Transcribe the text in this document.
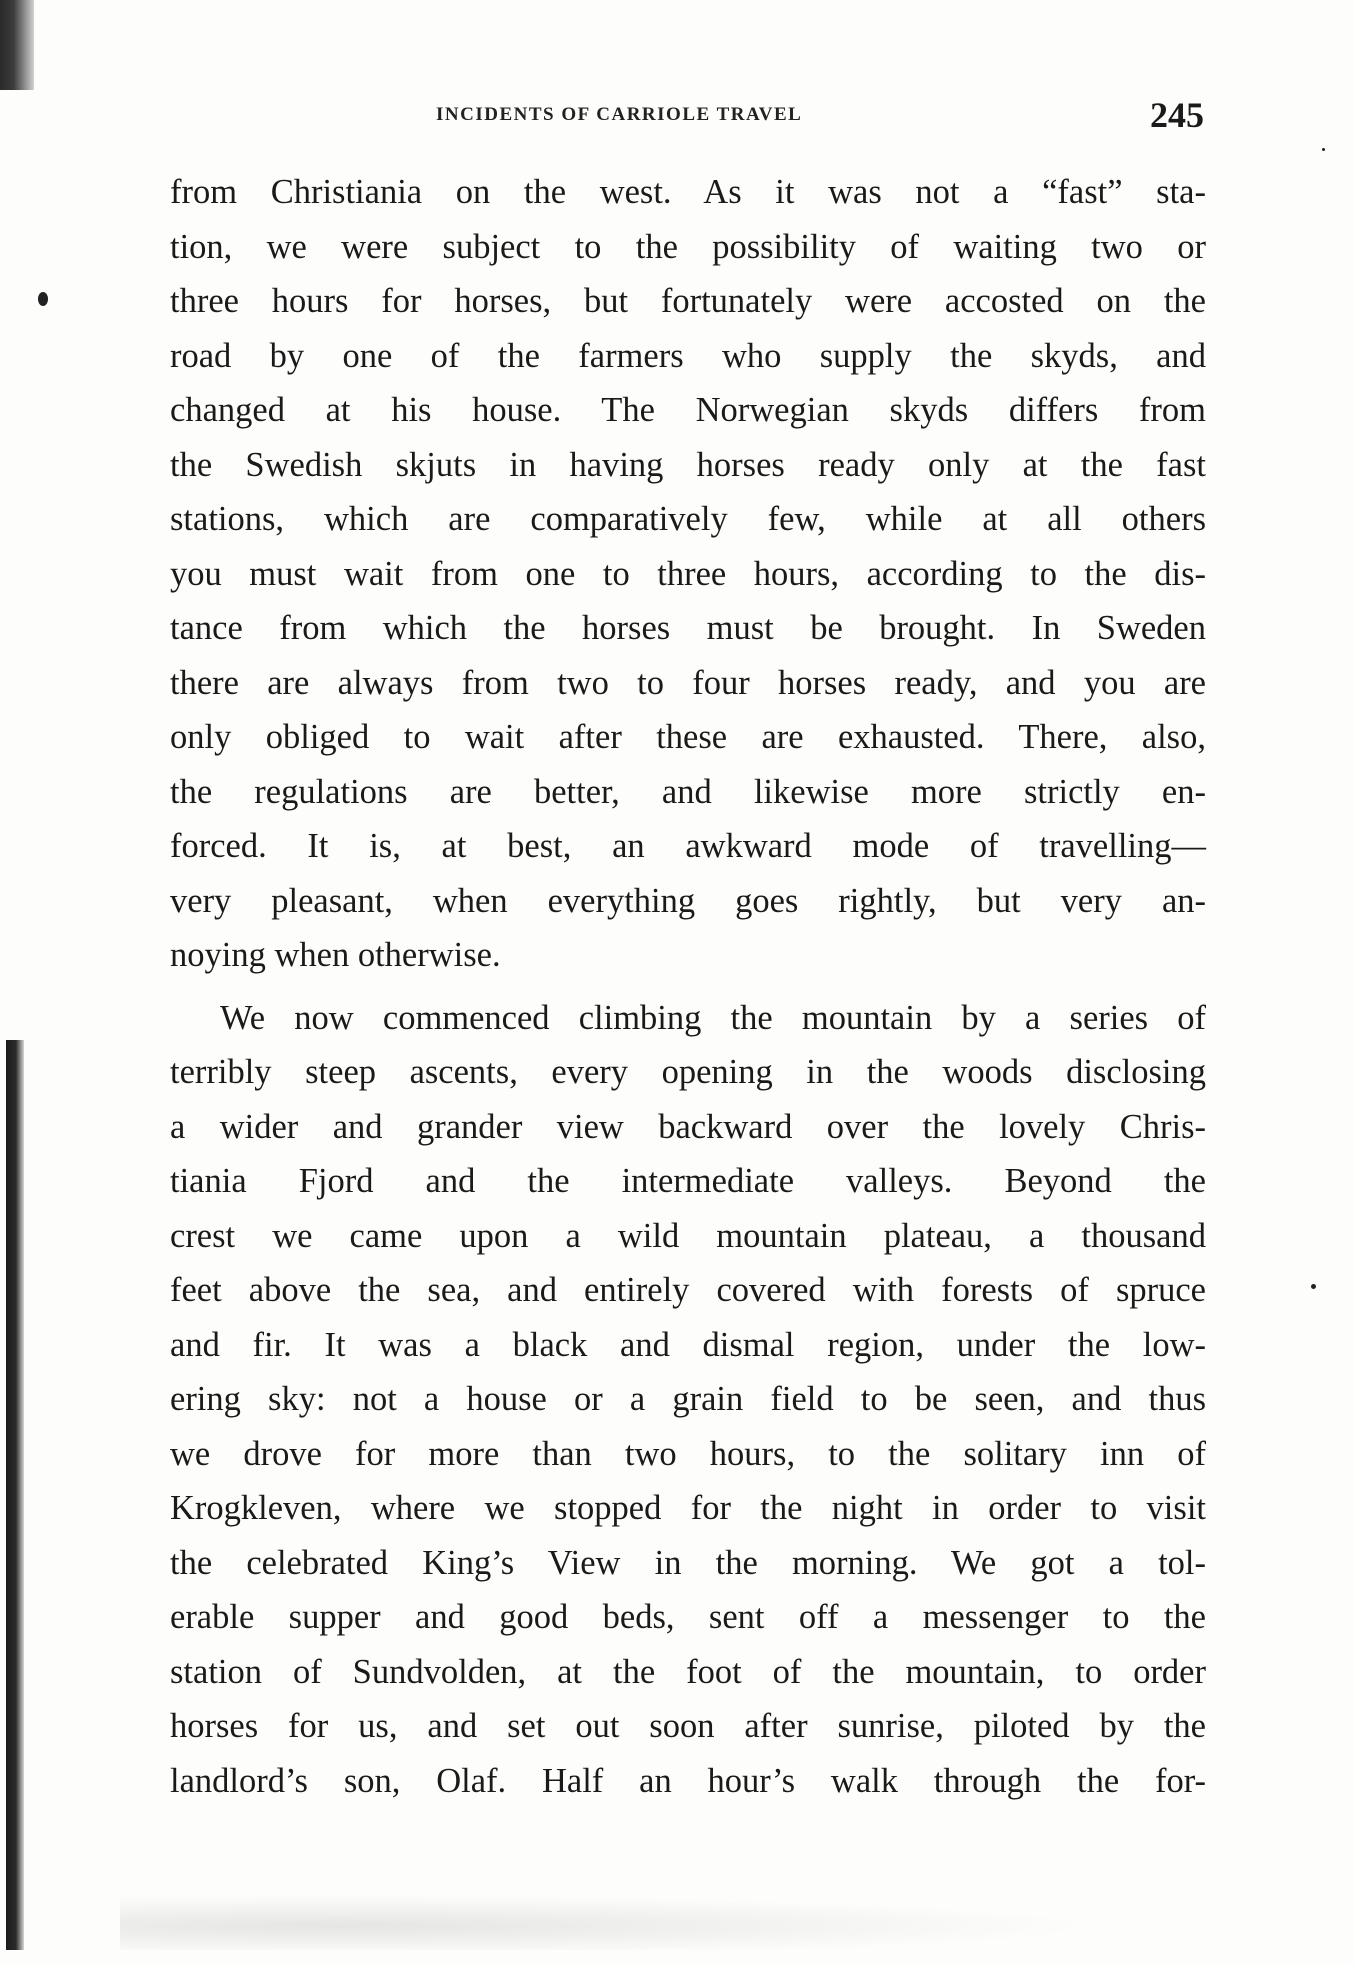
INCIDENTS OF CARRIOLE TRAVEL	245
from Christiania on the west. As it was not a “fast” sta-
tion, we were subject to the possibility of waiting two or
three hours for horses, but fortunately were accosted on the
road by one of the farmers who supply the skyds, and
changed at his house. The Norwegian skyds differs from
the Swedish skjuts in having horses ready only at the fast
stations, which are comparatively few, while at all others
you must wait from one to three hours, according to the dis-
tance from which the horses must be brought. In Sweden
there are always from two to four horses ready, and you are
only obliged to wait after these are exhausted. There, also,
the regulations are better, and likewise more strictly en-
forced. It is, at best, an awkward mode of travelling—
very pleasant, when everything goes rightly, but very an-
noying when otherwise.
We now commenced climbing the mountain by a series of
terribly steep ascents, every opening in the woods disclosing
a wider and grander view backward over the lovely Chris-
tiania Fjord and the intermediate valleys. Beyond the
crest we came upon a wild mountain plateau, a thousand
feet above the sea, and entirely covered with forests of spruce
and fir. It was a black and dismal region, under the low-
ering sky: not a house or a grain field to be seen, and thus
we drove for more than two hours, to the solitary inn of
Krogkleven, where we stopped for the night in order to visit
the celebrated King’s View in the morning. We got a tol-
erable supper and good beds, sent off a messenger to the
station of Sundvolden, at the foot of the mountain, to order
horses for us, and set out soon after sunrise, piloted by the
landlord’s son, Olaf. Half an hour’s walk through the for-
